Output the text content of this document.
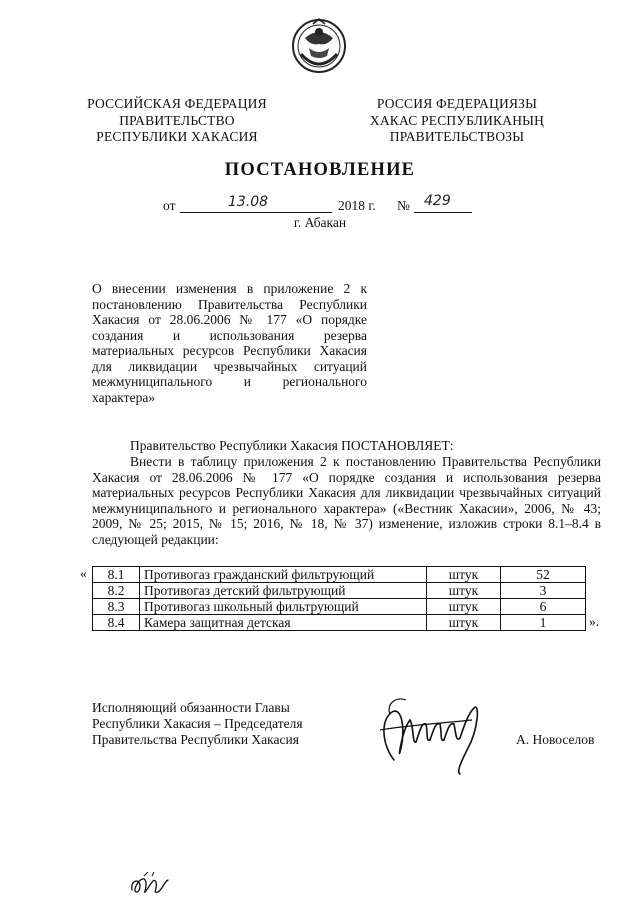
РОССИЙСКАЯ ФЕДЕРАЦИЯ
ПРАВИТЕЛЬСТВО
РЕСПУБЛИКИ ХАКАСИЯ
РОССИЯ ФЕДЕРАЦИЯЗЫ
ХАКАС РЕСПУБЛИКАНЫҢ
ПРАВИТЕЛЬСТВОЗЫ
ПОСТАНОВЛЕНИЕ
от	13.08	2018 г. № 429
г. Абакан
О внесении изменения в приложение 2 к постановлению Правительства Республики Хакасия от 28.06.2006 № 177 «О порядке создания и использования резерва материальных ресурсов Республики Хакасия для ликвидации чрезвычайных ситуаций межмуниципального и регионального характера»
Правительство Республики Хакасия ПОСТАНОВЛЯЕТ:
Внести в таблицу приложения 2 к постановлению Правительства Республики Хакасия от 28.06.2006 № 177 «О порядке создания и использования резерва материальных ресурсов Республики Хакасия для ликвидации чрезвычайных ситуаций межмуниципального и регионального характера» («Вестник Хакасии», 2006, № 43; 2009, № 25; 2015, № 15; 2016, № 18, № 37) изменение, изложив строки 8.1–8.4 в следующей редакции:
« 8.1	Противогаз гражданский фильтрующий	штук	52
8.2	Противогаз детский фильтрующий	штук	3
8.3	Противогаз школьный фильтрующий	штук	6
8.4	Камера защитная детская	штук	1	».
Исполняющий обязанности Главы
Республики Хакасия – Председателя
Правительства Республики Хакасия	А. Новоселов
